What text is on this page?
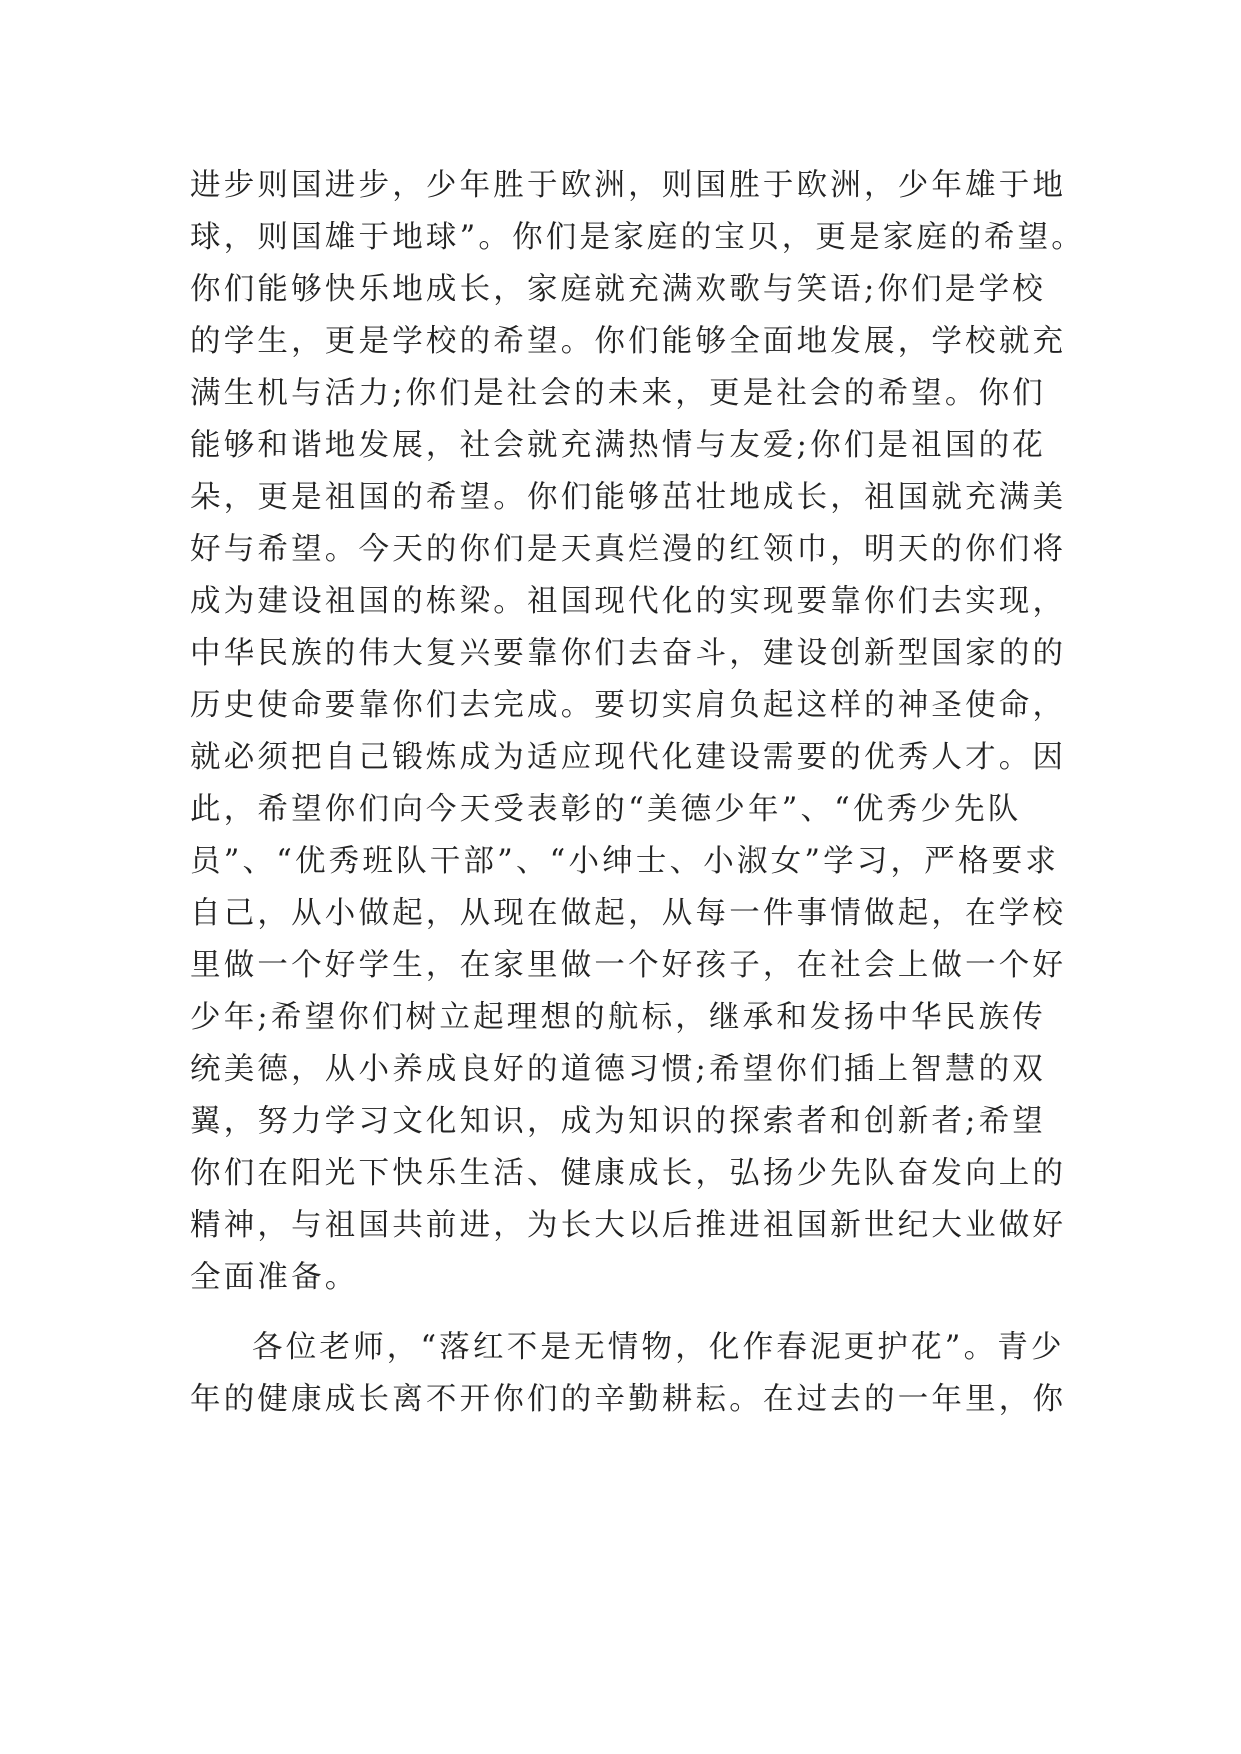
进步则国进步，少年胜于欧洲，则国胜于欧洲，少年雄于地
球，则国雄于地球”。你们是家庭的宝贝，更是家庭的希望。
你们能够快乐地成长，家庭就充满欢歌与笑语;你们是学校
的学生，更是学校的希望。你们能够全面地发展，学校就充
满生机与活力;你们是社会的未来，更是社会的希望。你们
能够和谐地发展，社会就充满热情与友爱;你们是祖国的花
朵，更是祖国的希望。你们能够茁壮地成长，祖国就充满美
好与希望。今天的你们是天真烂漫的红领巾，明天的你们将
成为建设祖国的栋梁。祖国现代化的实现要靠你们去实现，
中华民族的伟大复兴要靠你们去奋斗，建设创新型国家的的
历史使命要靠你们去完成。要切实肩负起这样的神圣使命，
就必须把自己锻炼成为适应现代化建设需要的优秀人才。因
此，希望你们向今天受表彰的“美德少年”、“优秀少先队
员”、“优秀班队干部”、“小绅士、小淑女”学习，严格要求
自己，从小做起，从现在做起，从每一件事情做起，在学校
里做一个好学生，在家里做一个好孩子，在社会上做一个好
少年;希望你们树立起理想的航标，继承和发扬中华民族传
统美德，从小养成良好的道德习惯;希望你们插上智慧的双
翼，努力学习文化知识，成为知识的探索者和创新者;希望
你们在阳光下快乐生活、健康成长，弘扬少先队奋发向上的
精神，与祖国共前进，为长大以后推进祖国新世纪大业做好
全面准备。
各位老师，“落红不是无情物，化作春泥更护花”。青少
年的健康成长离不开你们的辛勤耕耘。在过去的一年里，你
